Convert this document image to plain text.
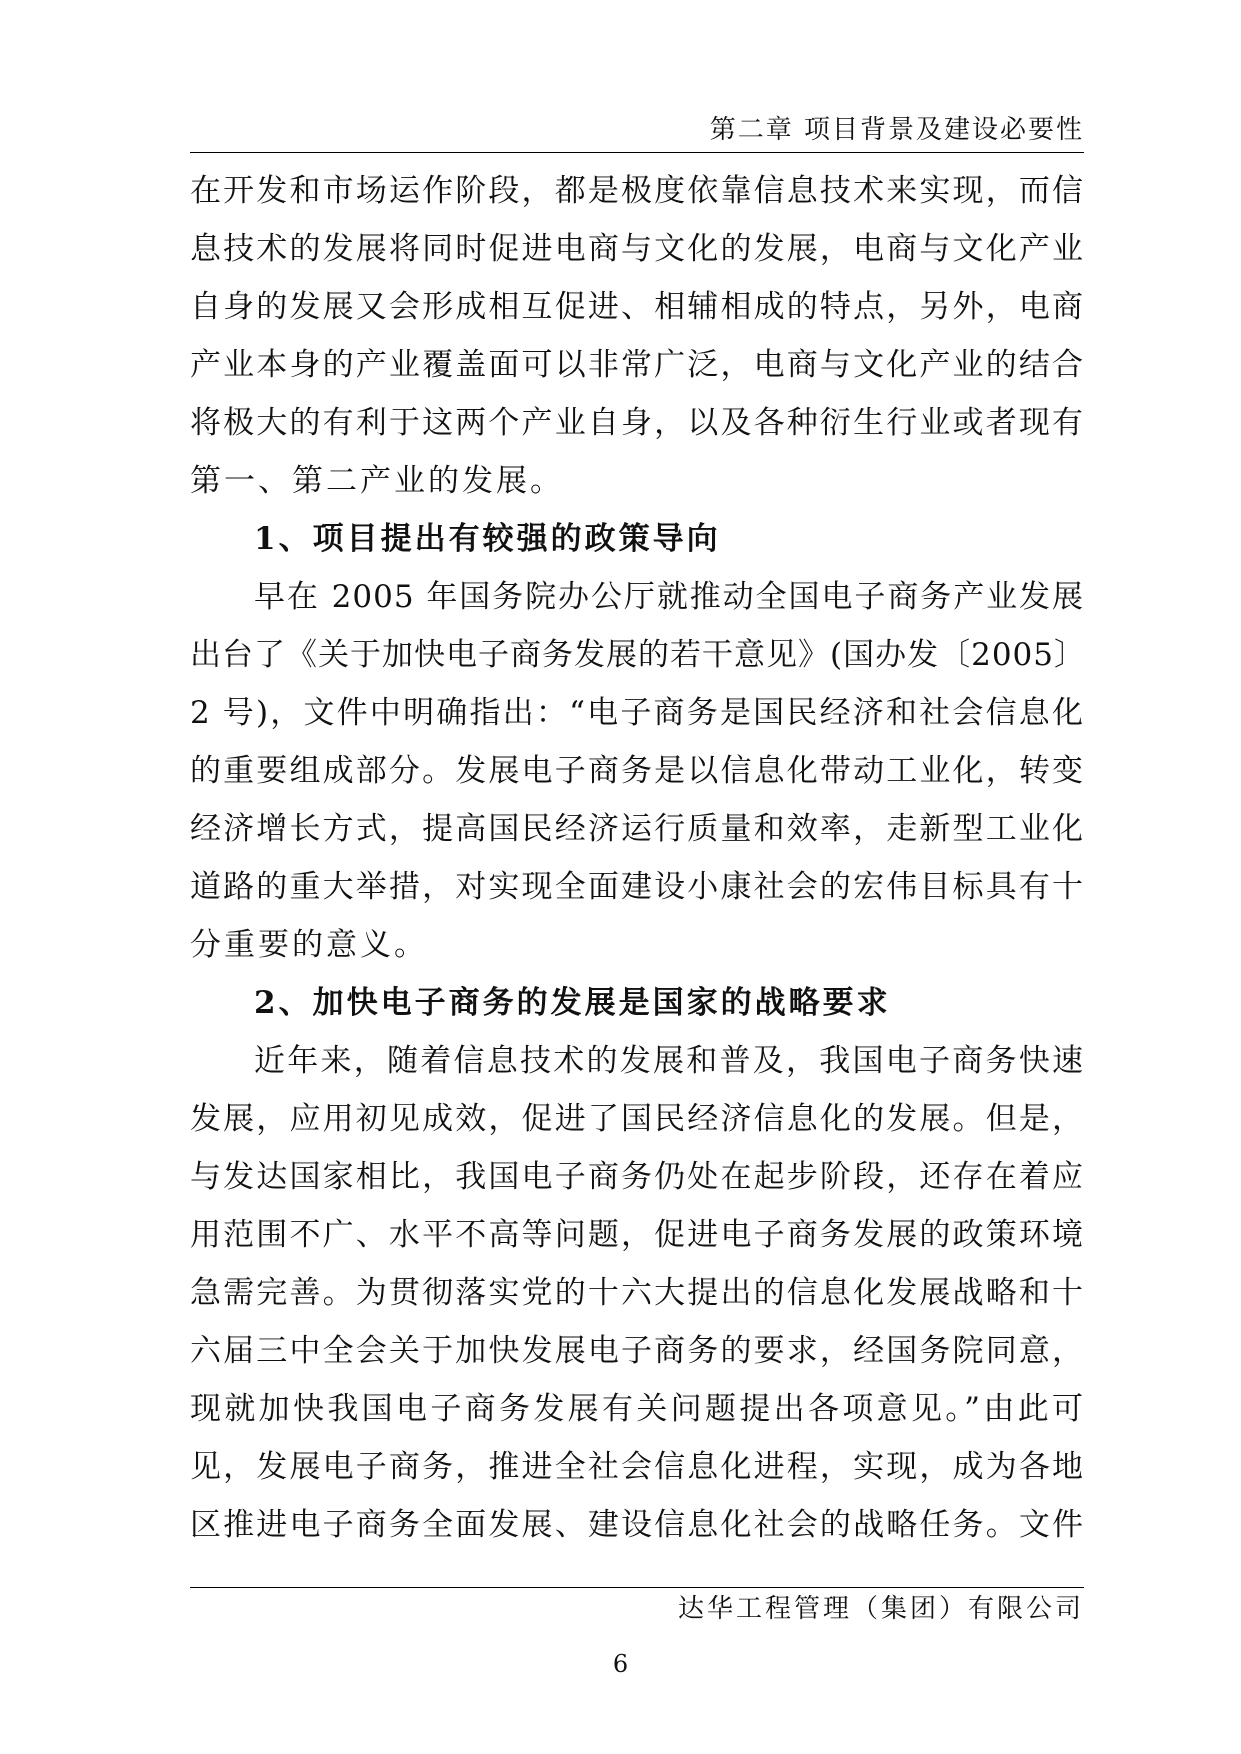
第二章 项目背景及建设必要性
在开发和市场运作阶段，都是极度依靠信息技术来实现，而信
息技术的发展将同时促进电商与文化的发展，电商与文化产业
自身的发展又会形成相互促进、相辅相成的特点，另外，电商
产业本身的产业覆盖面可以非常广泛，电商与文化产业的结合
将极大的有利于这两个产业自身，以及各种衍生行业或者现有
第一、第二产业的发展。
1、项目提出有较强的政策导向
早在 2005 年国务院办公厅就推动全国电子商务产业发展
出台了《关于加快电子商务发展的若干意见》(国办发〔2005〕
2 号)，文件中明确指出：“电子商务是国民经济和社会信息化
的重要组成部分。发展电子商务是以信息化带动工业化，转变
经济增长方式，提高国民经济运行质量和效率，走新型工业化
道路的重大举措，对实现全面建设小康社会的宏伟目标具有十
分重要的意义。
2、加快电子商务的发展是国家的战略要求
近年来，随着信息技术的发展和普及，我国电子商务快速
发展，应用初见成效，促进了国民经济信息化的发展。但是，
与发达国家相比，我国电子商务仍处在起步阶段，还存在着应
用范围不广、水平不高等问题，促进电子商务发展的政策环境
急需完善。为贯彻落实党的十六大提出的信息化发展战略和十
六届三中全会关于加快发展电子商务的要求，经国务院同意，
现就加快我国电子商务发展有关问题提出各项意见。”由此可
见，发展电子商务，推进全社会信息化进程，实现，成为各地
区推进电子商务全面发展、建设信息化社会的战略任务。文件
达华工程管理（集团）有限公司
6
